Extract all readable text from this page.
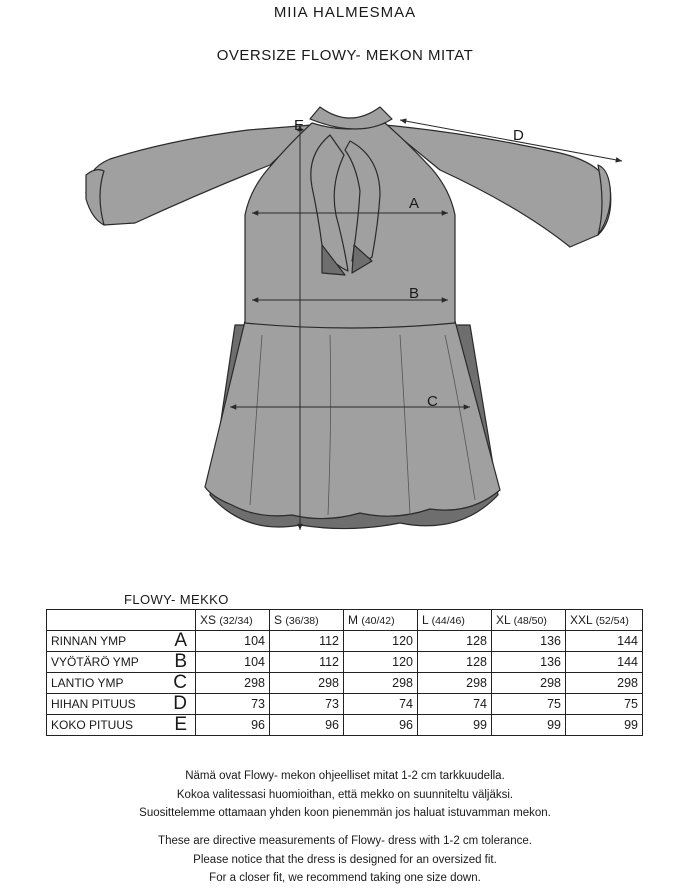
MIIA HALMESMAA
OVERSIZE FLOWY- MEKON MITAT
A
B
C
D
E
FLOWY- MEKKO
	XS (32/34)	S (36/38)	M (40/42)	L (44/46)	XL (48/50)	XXL (52/54)
RINNAN YMP A	104	112	120	128	136	144
VYÖTÄRÖ YMP B	104	112	120	128	136	144
LANTIO YMP C	298	298	298	298	298	298
HIHAN PITUUS D	73	73	74	74	75	75
KOKO PITUUS E	96	96	96	99	99	99
Nämä ovat Flowy- mekon ohjeelliset mitat 1-2 cm tarkkuudella.
Kokoa valitessasi huomioithan, että mekko on suunniteltu väljäksi.
Suosittelemme ottamaan yhden koon pienemmän jos haluat istuvamman mekon.
These are directive measurements of Flowy- dress with 1-2 cm tolerance.
Please notice that the dress is designed for an oversized fit.
For a closer fit, we recommend taking one size down.
